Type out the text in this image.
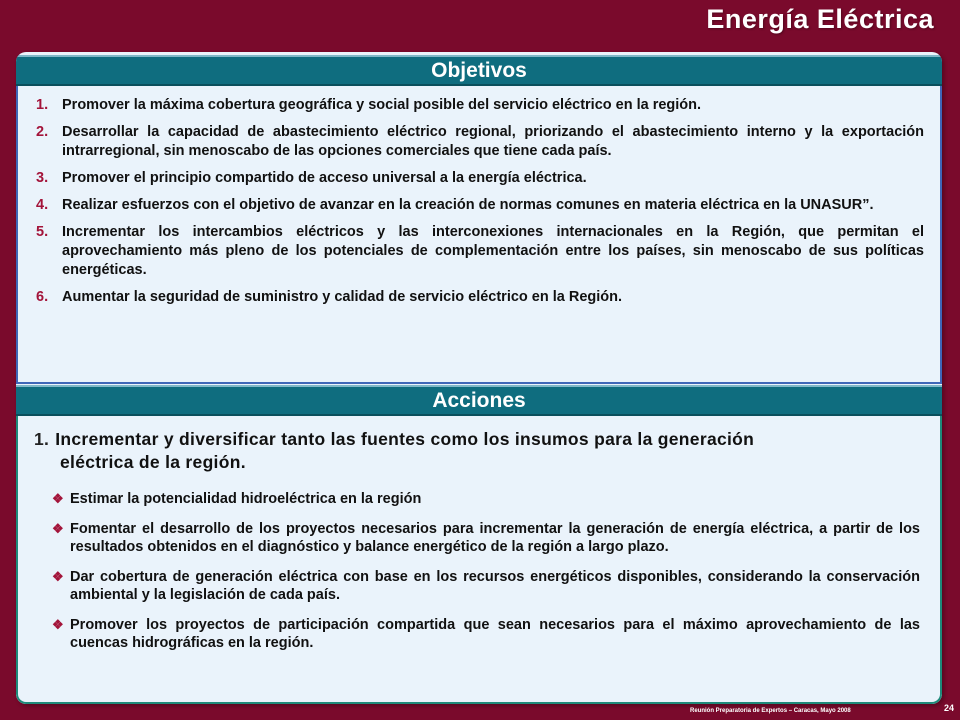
Energía Eléctrica
Objetivos
Acciones
1. Promover la máxima cobertura geográfica y social posible del servicio eléctrico en la región.
2. Desarrollar la capacidad de abastecimiento eléctrico regional, priorizando el abastecimiento interno y la exportación intrarregional, sin menoscabo de las opciones comerciales que tiene cada país.
3. Promover el principio compartido de acceso universal a la energía eléctrica.
4. Realizar esfuerzos con el objetivo de avanzar en la creación de normas comunes en materia eléctrica en la UNASUR”.
5. Incrementar los intercambios eléctricos y las interconexiones internacionales en la Región, que permitan el aprovechamiento más pleno de los potenciales de complementación entre los países, sin menoscabo de sus políticas energéticas.
6. Aumentar la seguridad de suministro y calidad de servicio eléctrico en la Región.
1. Incrementar y diversificar tanto las fuentes como los insumos para la generación
eléctrica de la región.
❖ Estimar la potencialidad hidroeléctrica en la región
❖ Fomentar el desarrollo de los proyectos necesarios para incrementar la generación de energía eléctrica, a partir de los resultados obtenidos en el diagnóstico y balance energético de la región a largo plazo.
❖ Dar cobertura de generación eléctrica con base en los recursos energéticos disponibles, considerando la conservación ambiental y la legislación de cada país.
❖ Promover los proyectos de participación compartida que sean necesarios para el máximo aprovechamiento de las cuencas hidrográficas en la región.
Reunión Preparatoria de Expertos – Caracas, Mayo 2008	24
